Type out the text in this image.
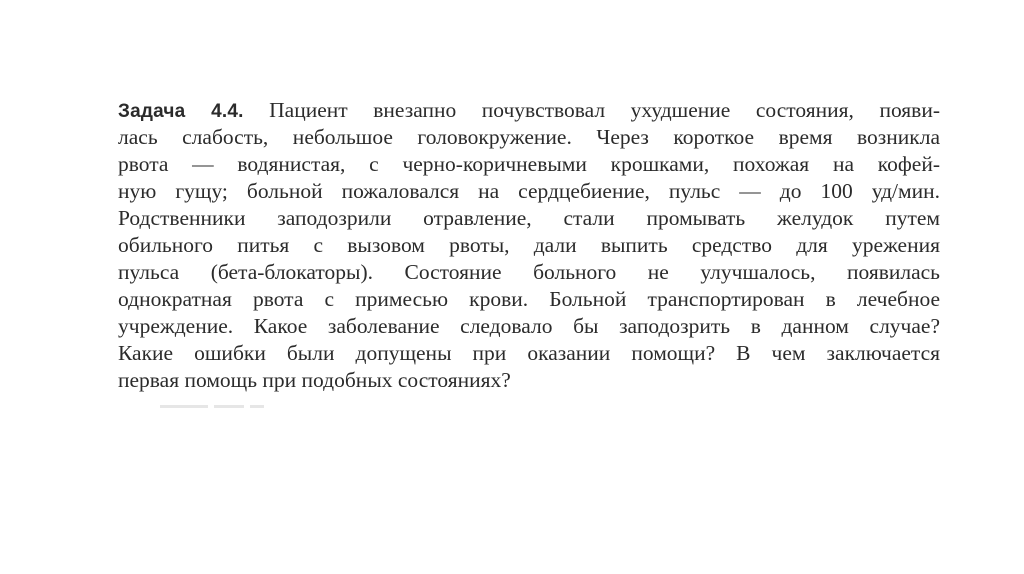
Задача 4.4. Пациент внезапно почувствовал ухудшение состояния, появи-
лась слабость, небольшое головокружение. Через короткое время возникла
рвота — водянистая, с черно-коричневыми крошками, похожая на кофей-
ную гущу; больной пожаловался на сердцебиение, пульс — до 100 уд/мин.
Родственники заподозрили отравление, стали промывать желудок путем
обильного питья с вызовом рвоты, дали выпить средство для урежения
пульса (бета-блокаторы). Состояние больного не улучшалось, появилась
однократная рвота с примесью крови. Больной транспортирован в лечебное
учреждение. Какое заболевание следовало бы заподозрить в данном случае?
Какие ошибки были допущены при оказании помощи? В чем заключается
первая помощь при подобных состояниях?
